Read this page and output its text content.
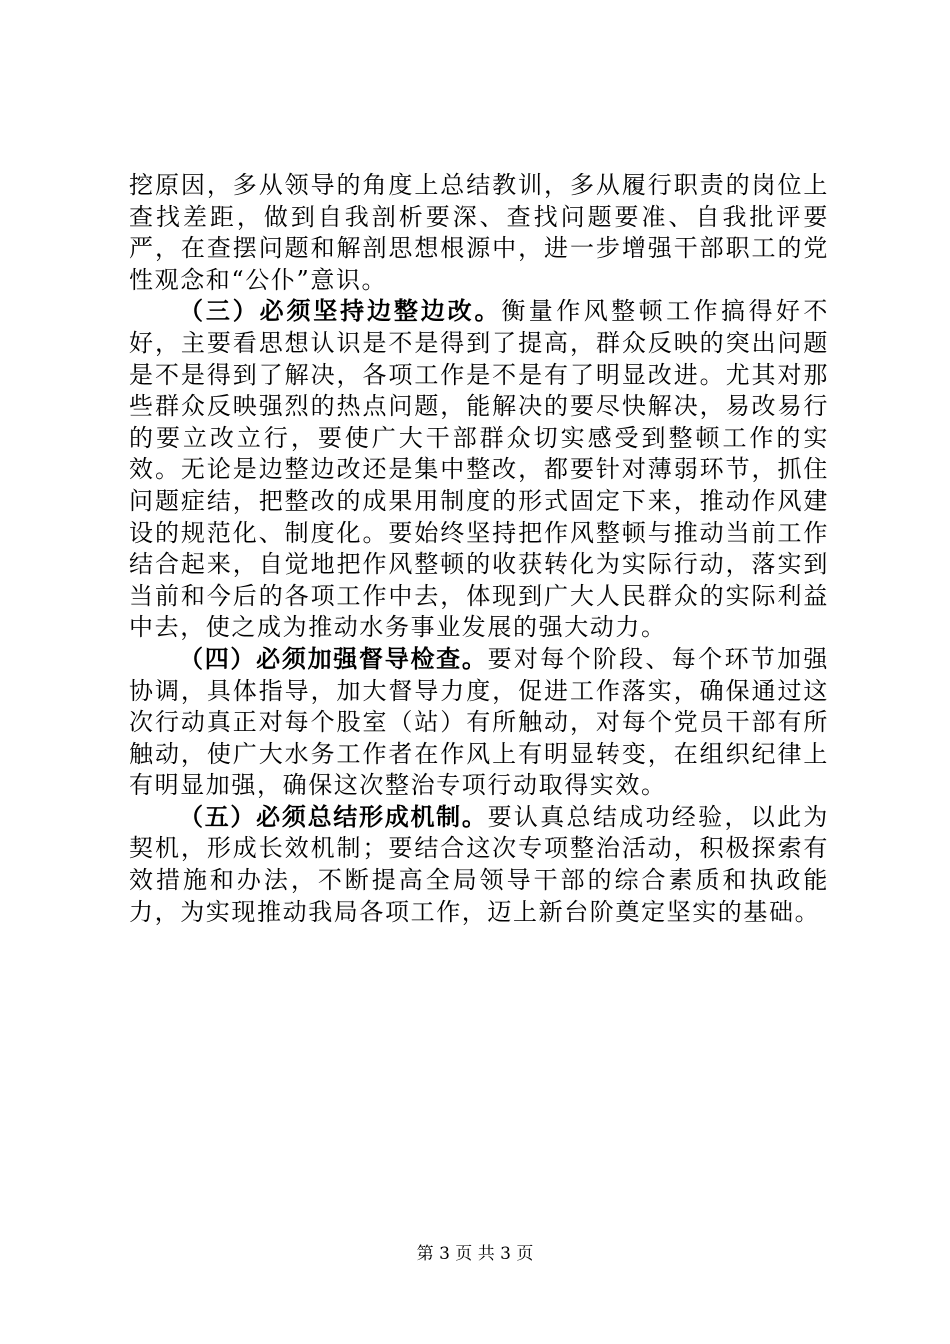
挖原因，多从领导的角度上总结教训，多从履行职责的岗位上查找差距，做到自我剖析要深、查找问题要准、自我批评要严，在查摆问题和解剖思想根源中，进一步增强干部职工的党性观念和“公仆”意识。

（三）必须坚持边整边改。衡量作风整顿工作搞得好不好，主要看思想认识是不是得到了提高，群众反映的突出问题是不是得到了解决，各项工作是不是有了明显改进。尤其对那些群众反映强烈的热点问题，能解决的要尽快解决，易改易行的要立改立行，要使广大干部群众切实感受到整顿工作的实效。无论是边整边改还是集中整改，都要针对薄弱环节，抓住问题症结，把整改的成果用制度的形式固定下来，推动作风建设的规范化、制度化。要始终坚持把作风整顿与推动当前工作结合起来，自觉地把作风整顿的收获转化为实际行动，落实到当前和今后的各项工作中去，体现到广大人民群众的实际利益中去，使之成为推动水务事业发展的强大动力。

（四）必须加强督导检查。要对每个阶段、每个环节加强协调，具体指导，加大督导力度，促进工作落实，确保通过这次行动真正对每个股室（站）有所触动，对每个党员干部有所触动，使广大水务工作者在作风上有明显转变，在组织纪律上有明显加强，确保这次整治专项行动取得实效。

（五）必须总结形成机制。要认真总结成功经验，以此为契机，形成长效机制；要结合这次专项整治活动，积极探索有效措施和办法，不断提高全局领导干部的综合素质和执政能力，为实现推动我局各项工作，迈上新台阶奠定坚实的基础。

第 3 页 共 3 页
